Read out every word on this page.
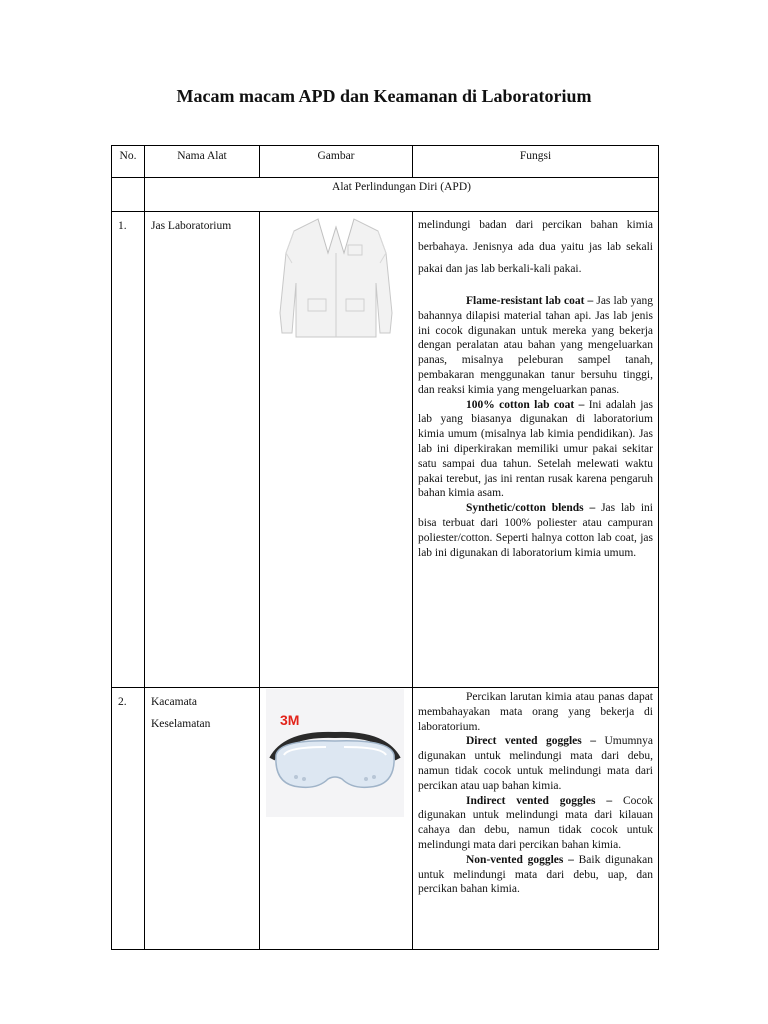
Macam macam APD dan Keamanan di Laboratorium
No.	Nama Alat	Gambar	Fungsi
	Alat Perlindungan Diri (APD)		
1.	Jas Laboratorium		melindungi badan dari percikan bahan kimia berbahaya. Jenisnya ada dua yaitu jas lab sekali pakai dan jas lab berkali-kali pakai.

Flame-resistant lab coat – Jas lab yang bahannya dilapisi material tahan api. Jas lab jenis ini cocok digunakan untuk mereka yang bekerja dengan peralatan atau bahan yang mengeluarkan panas, misalnya peleburan sampel tanah, pembakaran menggunakan tanur bersuhu tinggi, dan reaksi kimia yang mengeluarkan panas.

100% cotton lab coat – Ini adalah jas lab yang biasanya digunakan di laboratorium kimia umum (misalnya lab kimia pendidikan). Jas lab ini diperkirakan memiliki umur pakai sekitar satu sampai dua tahun. Setelah melewati waktu pakai terebut, jas ini rentan rusak karena pengaruh bahan kimia asam.

Synthetic/cotton blends – Jas lab ini bisa terbuat dari 100% poliester atau campuran poliester/cotton. Seperti halnya cotton lab coat, jas lab ini digunakan di laboratorium kimia umum.

2.	Kacamata Keselamatan	3M	Percikan larutan kimia atau panas dapat membahayakan mata orang yang bekerja di laboratorium.

Direct vented goggles – Umumnya digunakan untuk melindungi mata dari debu, namun tidak cocok untuk melindungi mata dari percikan atau uap bahan kimia.

Indirect vented goggles – Cocok digunakan untuk melindungi mata dari kilauan cahaya dan debu, namun tidak cocok untuk melindungi mata dari percikan bahan kimia.

Non-vented goggles – Baik digunakan untuk melindungi mata dari debu, uap, dan percikan bahan kimia.
